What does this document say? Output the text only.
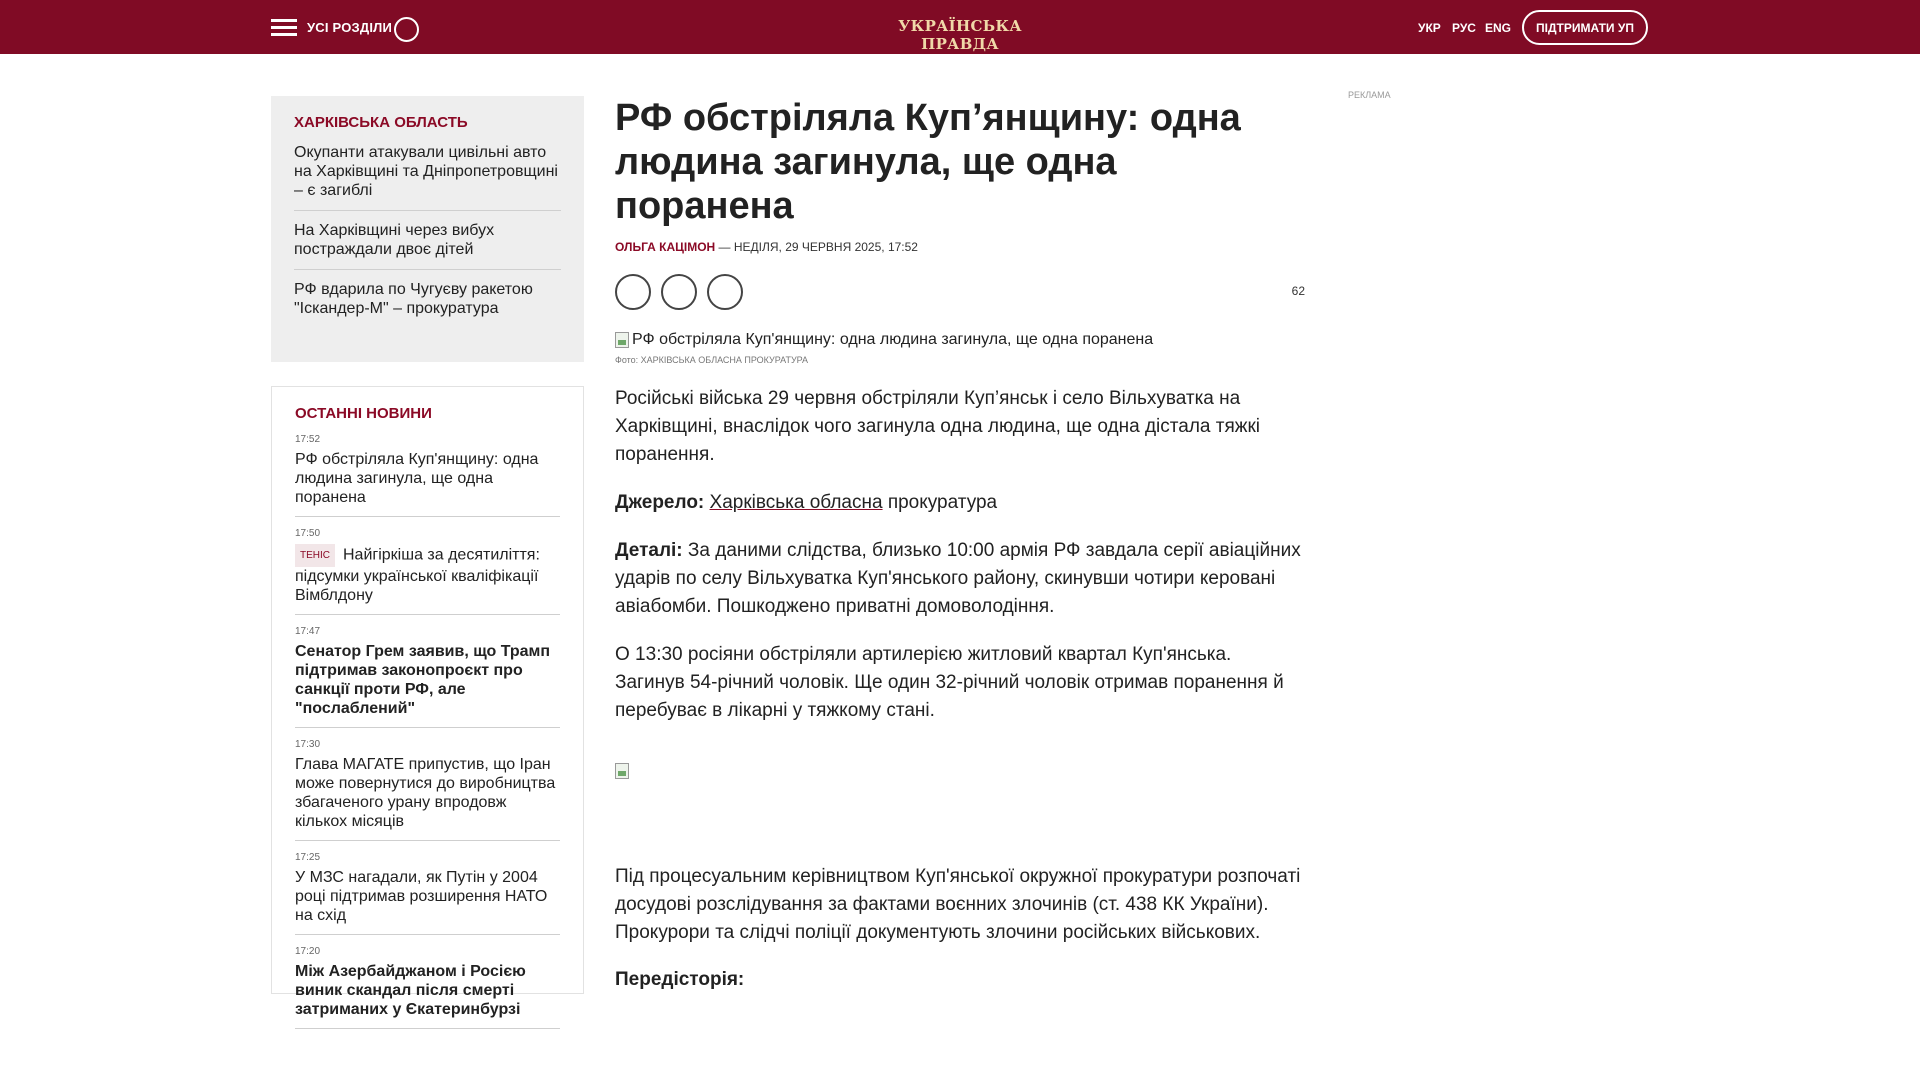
УСІ РОЗДІЛИ	УКРАЇНСЬКА ПРАВДА
УКР РУС ENG	ПІДТРИМАТИ УП
ХАРКІВСЬКА ОБЛАСТЬ
Окупанти атакували цивільні авто на Харківщині та Дніпропетровщині – є загиблі
На Харківщині через вибух постраждали двоє дітей
РФ вдарила по Чугуєву ракетою "Іскандер-М" – прокуратура
ОСТАННІ НОВИНИ
17:52
РФ обстріляла Куп'янщину: одна людина загинула, ще одна поранена
17:50
ТЕНІС Найгіркіша за десятиліття: підсумки української кваліфікації Вімблдону
17:47
Сенатор Грем заявив, що Трамп підтримав законопроєкт про санкції проти РФ, але "послаблений"
17:30
Глава МАГАТЕ припустив, що Іран може повернутися до виробництва збагаченого урану впродовж кількох місяців
17:25
У МЗС нагадали, як Путін у 2004 році підтримав розширення НАТО на схід
17:20
Між Азербайджаном і Росією виник скандал після смерті затриманих у Єкатеринбурзі
РФ обстріляла Куп’янщину: одна людина загинула, ще одна поранена
ОЛЬГА КАЦІМОН — НЕДІЛЯ, 29 ЧЕРВНЯ 2025, 17:52
62
РФ обстріляла Куп'янщину: одна людина загинула, ще одна поранена
Фото: ХАРКІВСЬКА ОБЛАСНА ПРОКУРАТУРА

Російські війська 29 червня обстріляли Куп’янськ і село Вільхуватка на Харківщині, внаслідок чого загинула одна людина, ще одна дістала тяжкі поранення.

Джерело: Харківська обласна прокуратура

Деталі: За даними слідства, близько 10:00 армія РФ завдала серії авіаційних ударів по селу Вільхуватка Куп'янського району, скинувши чотири керовані авіабомби. Пошкоджено приватні домоволодіння.

О 13:30 росіяни обстріляли артилерією житловий квартал Куп'янська. Загинув 54-річний чоловік. Ще один 32-річний чоловік отримав поранення й перебуває в лікарні у тяжкому стані.

Під процесуальним керівництвом Куп'янської окружної прокуратури розпочаті досудові розслідування за фактами воєнних злочинів (ст. 438 КК України). Прокурори та слідчі поліції документують злочини російських військових.

Передісторія:
РЕКЛАМА
